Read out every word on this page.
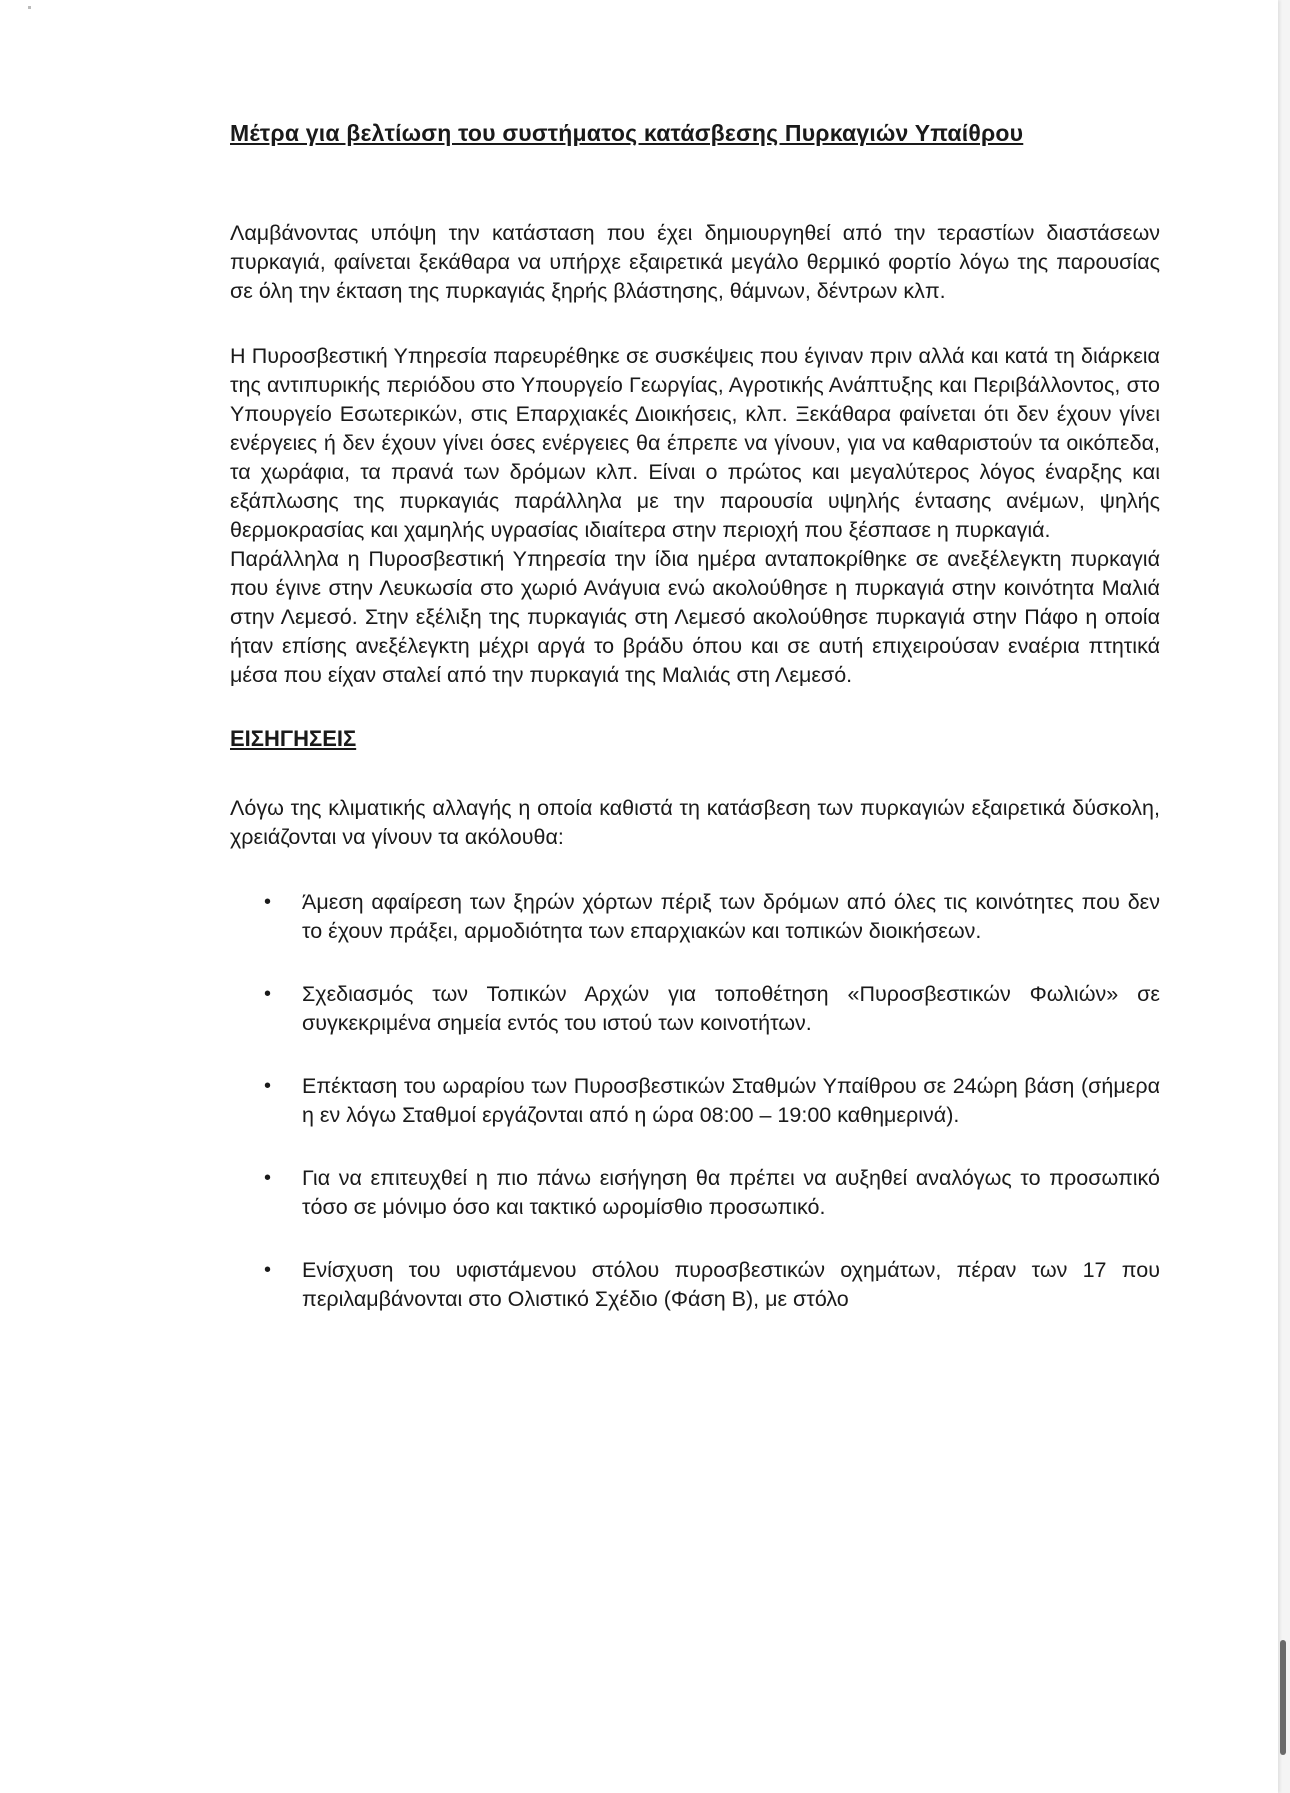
Μέτρα για βελτίωση του συστήματος κατάσβεσης Πυρκαγιών Υπαίθρου

Λαμβάνοντας υπόψη την κατάσταση που έχει δημιουργηθεί από την τεραστίων διαστάσεων πυρκαγιά, φαίνεται ξεκάθαρα να υπήρχε εξαιρετικά μεγάλο θερμικό φορτίο λόγω της παρουσίας σε όλη την έκταση της πυρκαγιάς ξηρής βλάστησης, θάμνων, δέντρων κλπ.

Η Πυροσβεστική Υπηρεσία παρευρέθηκε σε συσκέψεις που έγιναν πριν αλλά και κατά τη διάρκεια της αντιπυρικής περιόδου στο Υπουργείο Γεωργίας, Αγροτικής Ανάπτυξης και Περιβάλλοντος, στο Υπουργείο Εσωτερικών, στις Επαρχιακές Διοικήσεις, κλπ. Ξεκάθαρα φαίνεται ότι δεν έχουν γίνει ενέργειες ή δεν έχουν γίνει όσες ενέργειες θα έπρεπε να γίνουν, για να καθαριστούν τα οικόπεδα, τα χωράφια, τα πρανά των δρόμων κλπ. Είναι ο πρώτος και μεγαλύτερος λόγος έναρξης και εξάπλωσης της πυρκαγιάς παράλληλα με την παρουσία υψηλής έντασης ανέμων, ψηλής θερμοκρασίας και χαμηλής υγρασίας ιδιαίτερα στην περιοχή που ξέσπασε η πυρκαγιά.

Παράλληλα η Πυροσβεστική Υπηρεσία την ίδια ημέρα ανταποκρίθηκε σε ανεξέλεγκτη πυρκαγιά που έγινε στην Λευκωσία στο χωριό Ανάγυια ενώ ακολούθησε η πυρκαγιά στην κοινότητα Μαλιά στην Λεμεσό. Στην εξέλιξη της πυρκαγιάς στη Λεμεσό ακολούθησε πυρκαγιά στην Πάφο η οποία ήταν επίσης ανεξέλεγκτη μέχρι αργά το βράδυ όπου και σε αυτή επιχειρούσαν εναέρια πτητικά μέσα που είχαν σταλεί από την πυρκαγιά της Μαλιάς στη Λεμεσό.

ΕΙΣΗΓΗΣΕΙΣ

Λόγω της κλιματικής αλλαγής η οποία καθιστά τη κατάσβεση των πυρκαγιών εξαιρετικά δύσκολη, χρειάζονται να γίνουν τα ακόλουθα:

• Άμεση αφαίρεση των ξηρών χόρτων πέριξ των δρόμων από όλες τις κοινότητες που δεν το έχουν πράξει, αρμοδιότητα των επαρχιακών και τοπικών διοικήσεων.
• Σχεδιασμός των Τοπικών Αρχών για τοποθέτηση «Πυροσβεστικών Φωλιών» σε συγκεκριμένα σημεία εντός του ιστού των κοινοτήτων.
• Επέκταση του ωραρίου των Πυροσβεστικών Σταθμών Υπαίθρου σε 24ώρη βάση (σήμερα η εν λόγω Σταθμοί εργάζονται από η ώρα 08:00 – 19:00 καθημερινά).
• Για να επιτευχθεί η πιο πάνω εισήγηση θα πρέπει να αυξηθεί αναλόγως το προσωπικό τόσο σε μόνιμο όσο και τακτικό ωρομίσθιο προσωπικό.
• Ενίσχυση του υφιστάμενου στόλου πυροσβεστικών οχημάτων, πέραν των 17 που περιλαμβάνονται στο Ολιστικό Σχέδιο (Φάση Β), με στόλο
